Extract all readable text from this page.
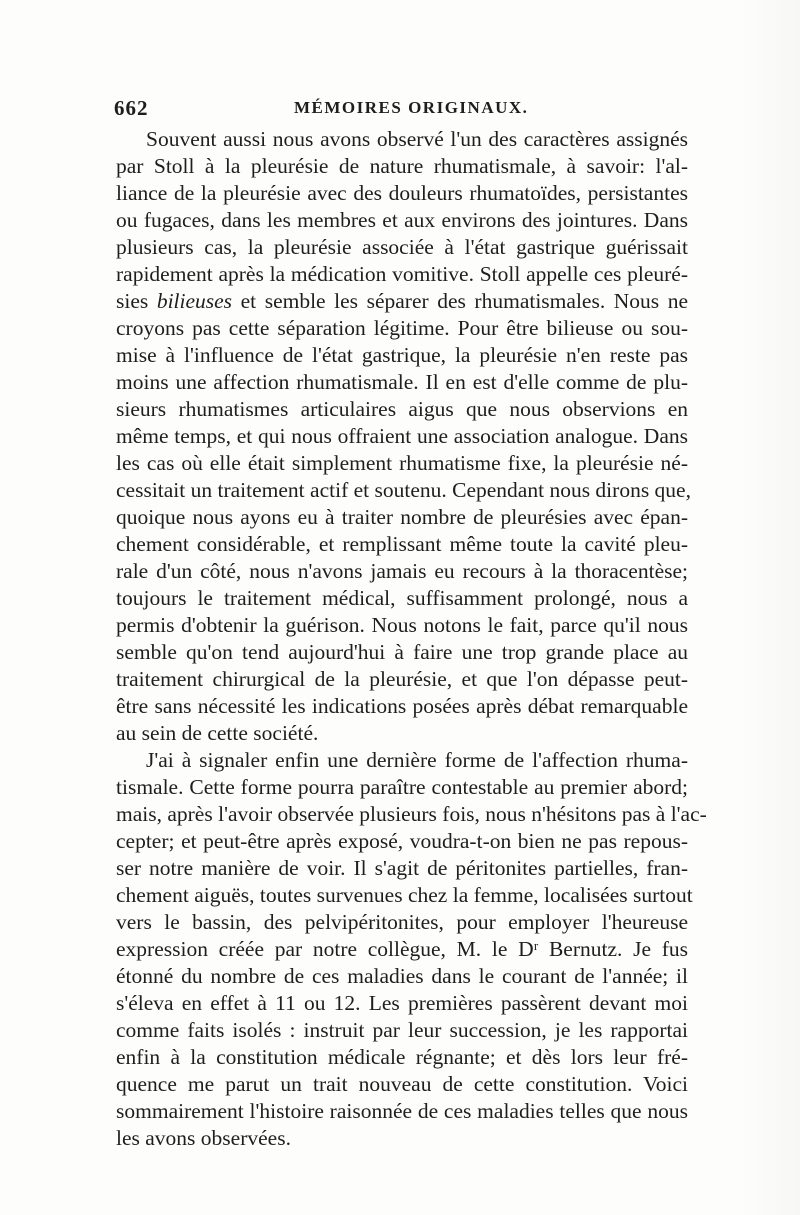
662	MÉMOIRES ORIGINAUX.
Souvent aussi nous avons observé l'un des caractères assignés
par Stoll à la pleurésie de nature rhumatismale, à savoir: l'al-
liance de la pleurésie avec des douleurs rhumatoïdes, persistantes
ou fugaces, dans les membres et aux environs des jointures. Dans
plusieurs cas, la pleurésie associée à l'état gastrique guérissait
rapidement après la médication vomitive. Stoll appelle ces pleuré-
sies bilieuses et semble les séparer des rhumatismales. Nous ne
croyons pas cette séparation légitime. Pour être bilieuse ou sou-
mise à l'influence de l'état gastrique, la pleurésie n'en reste pas
moins une affection rhumatismale. Il en est d'elle comme de plu-
sieurs rhumatismes articulaires aigus que nous observions en
même temps, et qui nous offraient une association analogue. Dans
les cas où elle était simplement rhumatisme fixe, la pleurésie né-
cessitait un traitement actif et soutenu. Cependant nous dirons que,
quoique nous ayons eu à traiter nombre de pleurésies avec épan-
chement considérable, et remplissant même toute la cavité pleu-
rale d'un côté, nous n'avons jamais eu recours à la thoracentèse;
toujours le traitement médical, suffisamment prolongé, nous a
permis d'obtenir la guérison. Nous notons le fait, parce qu'il nous
semble qu'on tend aujourd'hui à faire une trop grande place au
traitement chirurgical de la pleurésie, et que l'on dépasse peut-
être sans nécessité les indications posées après débat remarquable
au sein de cette société.
J'ai à signaler enfin une dernière forme de l'affection rhuma-
tismale. Cette forme pourra paraître contestable au premier abord;
mais, après l'avoir observée plusieurs fois, nous n'hésitons pas à l'ac-
cepter; et peut-être après exposé, voudra-t-on bien ne pas repous-
ser notre manière de voir. Il s'agit de péritonites partielles, fran-
chement aiguës, toutes survenues chez la femme, localisées surtout
vers le bassin, des pelvipéritonites, pour employer l'heureuse
expression créée par notre collègue, M. le Dʳ Bernutz. Je fus
étonné du nombre de ces maladies dans le courant de l'année; il
s'éleva en effet à 11 ou 12. Les premières passèrent devant moi
comme faits isolés : instruit par leur succession, je les rapportai
enfin à la constitution médicale régnante; et dès lors leur fré-
quence me parut un trait nouveau de cette constitution. Voici
sommairement l'histoire raisonnée de ces maladies telles que nous
les avons observées.
